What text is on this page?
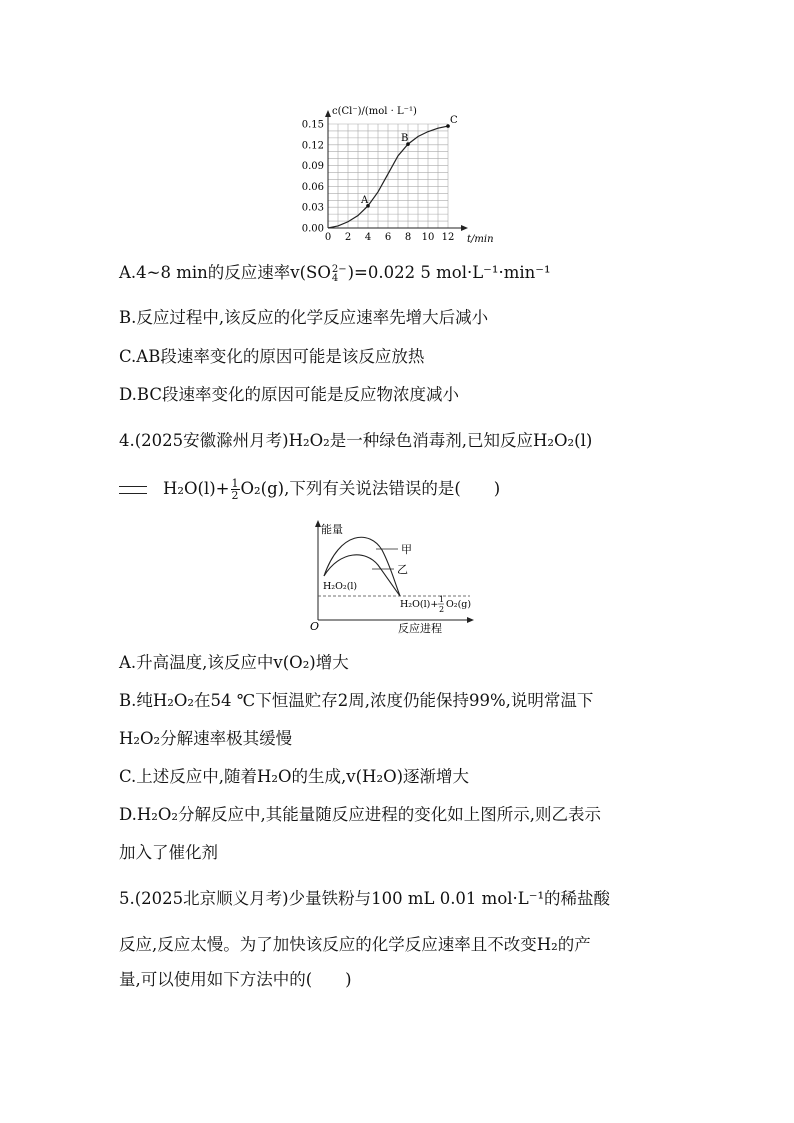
A
B
C
0 2 4 6 8 10 12
0.00
0.03
0.06
0.09
0.12
0.15
c(Cl⁻)/(mol · L⁻¹)
t/min
A.4~8 min的反应速率v(SO 2−
4 )=0.022 5 mol·L⁻¹·min⁻¹
B.反应过程中,该反应的化学反应速率先增大后减小
C.AB段速率变化的原因可能是该反应放热
D.BC段速率变化的原因可能是反应物浓度减小
4.(2025安徽滁州月考)H₂O₂是一种绿色消毒剂,已知反应H₂O₂(l)
$H_2O(l)+ \frac{1}{2} O_2(g)$,下列有关说法错误的是(　　)
能量
O	反应进程
甲
乙
H₂O₂(l)
H₂O(l)+ 1
2 O₂(g)
A.升高温度,该反应中v(O₂)增大
B.纯H₂O₂在54 ℃下恒温贮存2周,浓度仍能保持99%,说明常温下
H₂O₂分解速率极其缓慢
C.上述反应中,随着H₂O的生成,v(H₂O)逐渐增大
D.H₂O₂分解反应中,其能量随反应进程的变化如上图所示,则乙表示
加入了催化剂
5.(2025北京顺义月考)少量铁粉与100 mL 0.01 mol·L⁻¹的稀盐酸
反应,反应太慢。为了加快该反应的化学反应速率且不改变H₂的产
量,可以使用如下方法中的(　　)
